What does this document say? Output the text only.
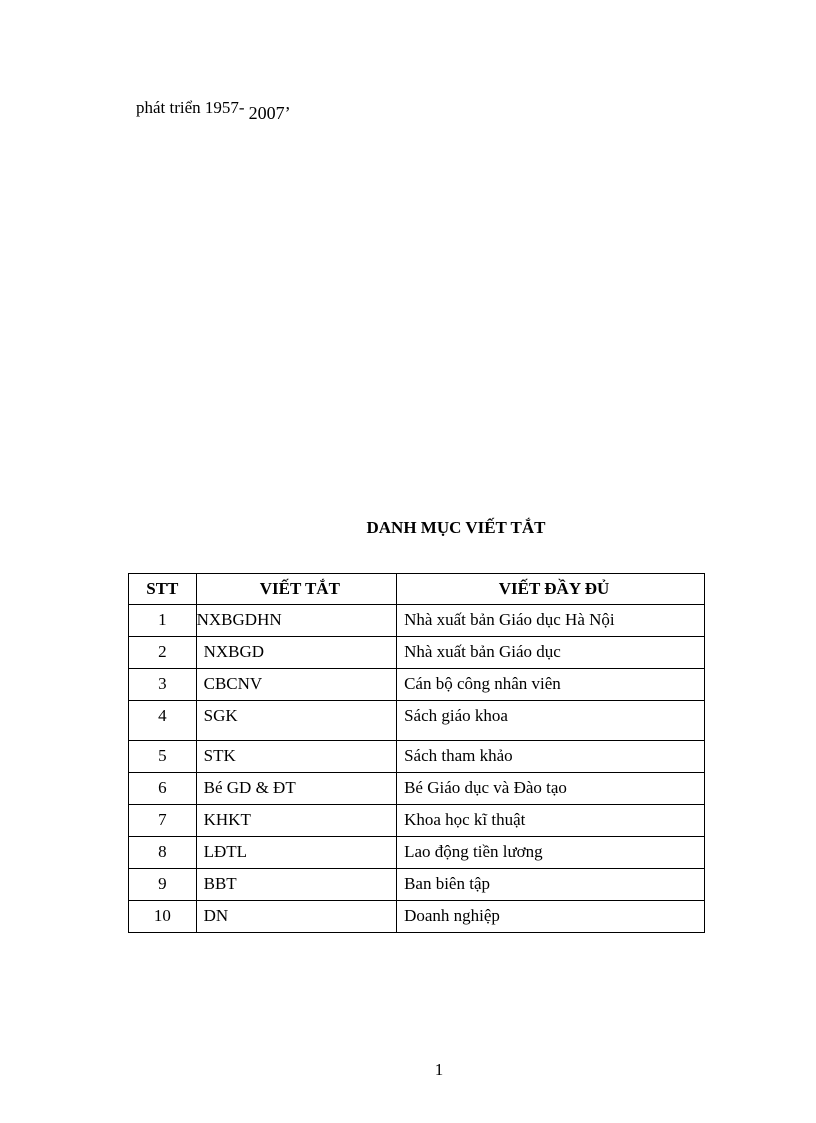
phát triển 1957- 2007’
DANH MỤC VIẾT TẮT
STT	VIẾT TẮT	VIẾT ĐẦY ĐỦ
1	NXBGDHN	Nhà xuất bản Giáo dục Hà Nội
2	NXBGD	Nhà xuất bản Giáo dục
3	CBCNV	Cán bộ công nhân viên
4	SGK	Sách giáo khoa
5	STK	Sách tham khảo
6	Bé GD & ĐT	Bé Giáo dục và Đào tạo
7	KHKT	Khoa học kĩ thuật
8	LĐTL	Lao động tiền lương
9	BBT	Ban biên tập
10	DN	Doanh nghiệp
1
